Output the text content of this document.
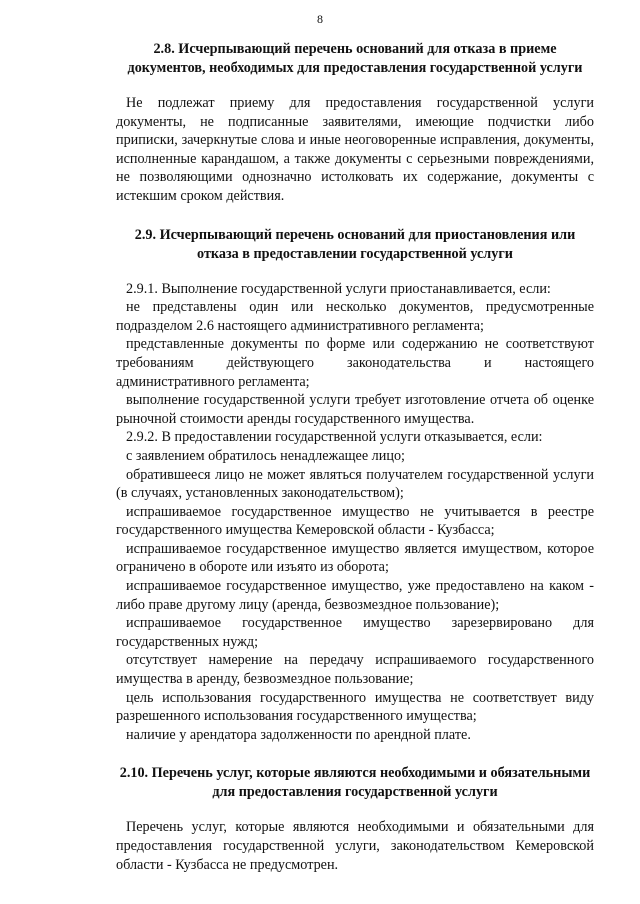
8

2.8. Исчерпывающий перечень оснований для отказа в приеме документов, необходимых для предоставления государственной услуги

Не подлежат приему для предоставления государственной услуги документы, не подписанные заявителями, имеющие подчистки либо приписки, зачеркнутые слова и иные неоговоренные исправления, документы, исполненные карандашом, а также документы с серьезными повреждениями, не позволяющими однозначно истолковать их содержание, документы с истекшим сроком действия.

2.9. Исчерпывающий перечень оснований для приостановления или отказа в предоставлении государственной услуги

2.9.1. Выполнение государственной услуги приостанавливается, если:

не представлены один или несколько документов, предусмотренные подразделом 2.6 настоящего административного регламента;

представленные документы по форме или содержанию не соответствуют требованиям действующего законодательства и настоящего административного регламента;

выполнение государственной услуги требует изготовление отчета об оценке рыночной стоимости аренды государственного имущества.

2.9.2. В предоставлении государственной услуги отказывается, если:

с заявлением обратилось ненадлежащее лицо;

обратившееся лицо не может являться получателем государственной услуги (в случаях, установленных законодательством);

испрашиваемое государственное имущество не учитывается в реестре государственного имущества Кемеровской области - Кузбасса;

испрашиваемое государственное имущество является имуществом, которое ограничено в обороте или изъято из оборота;

испрашиваемое государственное имущество, уже предоставлено на каком - либо праве другому лицу (аренда, безвозмездное пользование);

испрашиваемое государственное имущество зарезервировано для государственных нужд;

отсутствует намерение на передачу испрашиваемого государственного имущества в аренду, безвозмездное пользование;

цель использования государственного имущества не соответствует виду разрешенного использования государственного имущества;

наличие у арендатора задолженности по арендной плате.

2.10. Перечень услуг, которые являются необходимыми и обязательными для предоставления государственной услуги

Перечень услуг, которые являются необходимыми и обязательными для предоставления государственной услуги, законодательством Кемеровской области - Кузбасса не предусмотрен.
